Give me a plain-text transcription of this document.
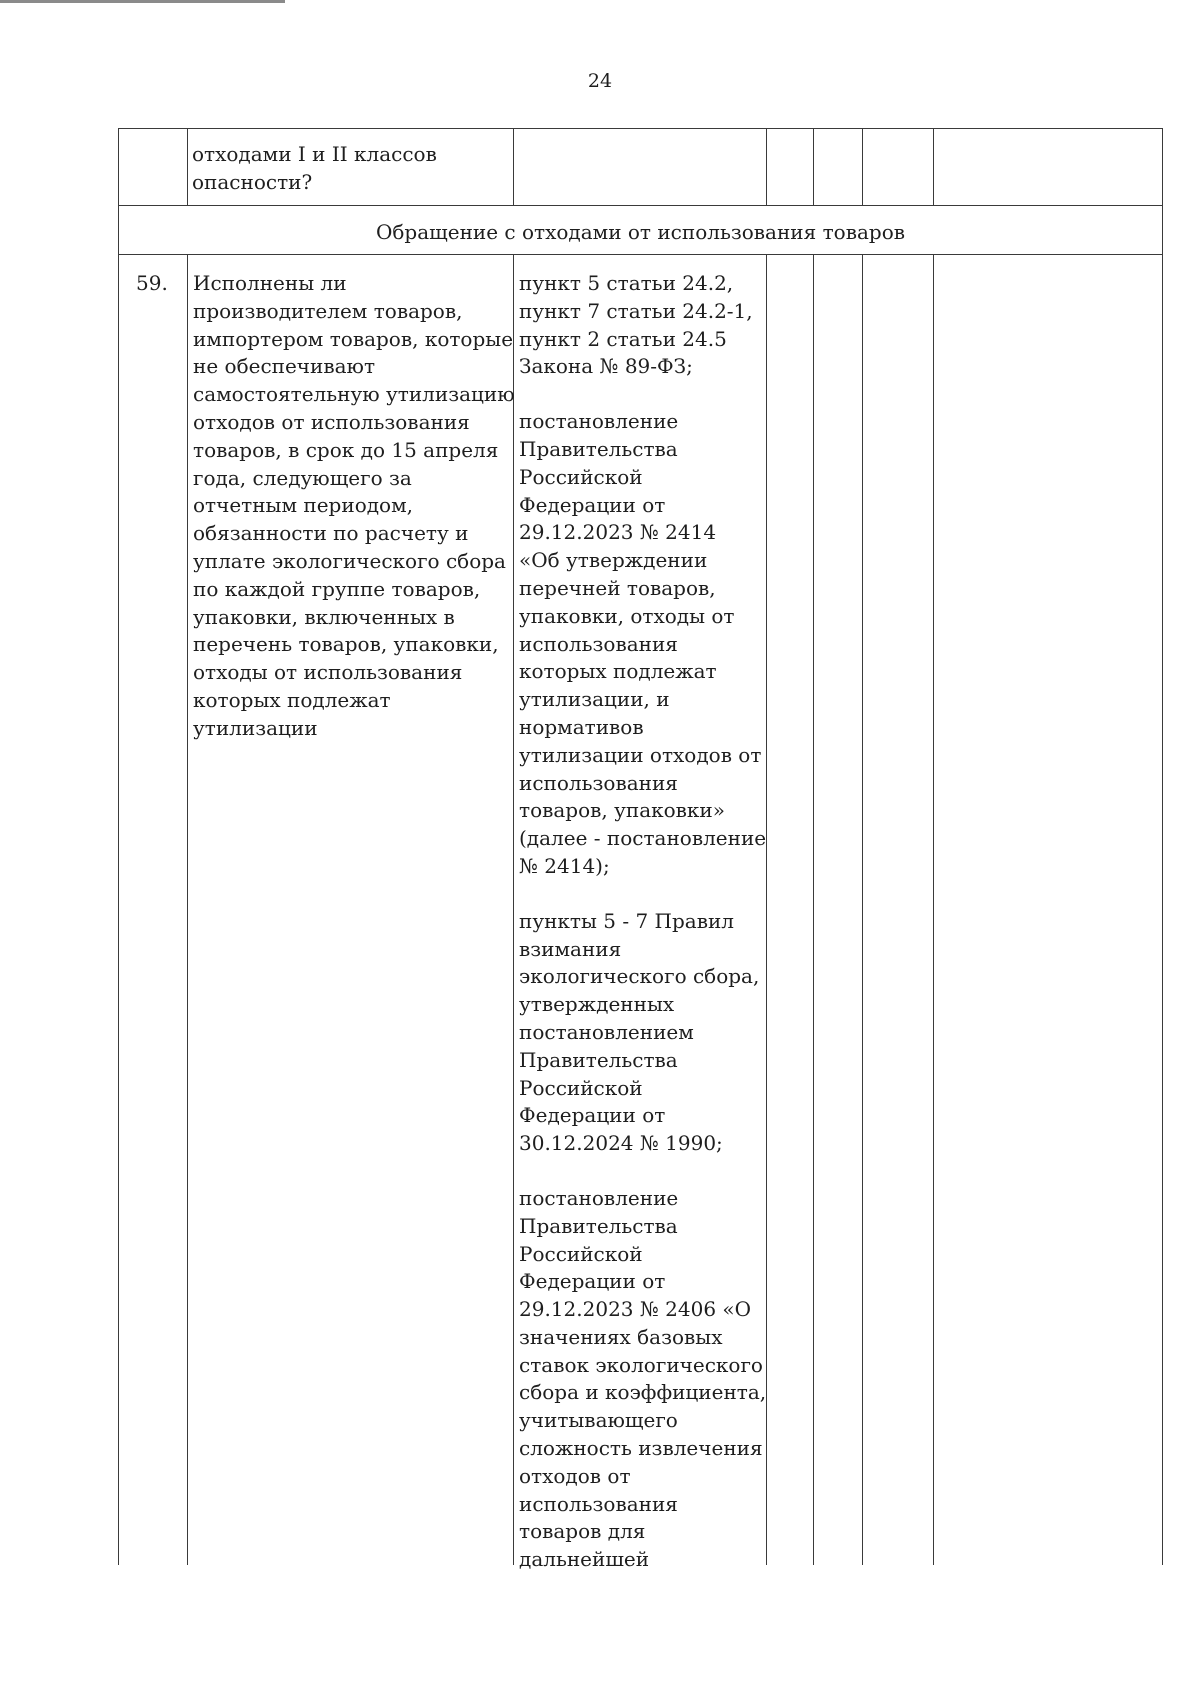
24
отходами I и II классов
опасности?
Обращение с отходами от использования товаров
59. Исполнены ли
производителем товаров,
импортером товаров, которые
не обеспечивают
самостоятельную утилизацию
отходов от использования
товаров, в срок до 15 апреля
года, следующего за
отчетным периодом,
обязанности по расчету и
уплате экологического сбора
по каждой группе товаров,
упаковки, включенных в
перечень товаров, упаковки,
отходы от использования
которых подлежат
утилизации
пункт 5 статьи 24.2,
пункт 7 статьи 24.2-1,
пункт 2 статьи 24.5
Закона № 89-ФЗ;
постановление
Правительства
Российской
Федерации от
29.12.2023 № 2414
«Об утверждении
перечней товаров,
упаковки, отходы от
использования
которых подлежат
утилизации, и
нормативов
утилизации отходов от
использования
товаров, упаковки»
(далее - постановление
№ 2414);
пункты 5 - 7 Правил
взимания
экологического сбора,
утвержденных
постановлением
Правительства
Российской
Федерации от
30.12.2024 № 1990;
постановление
Правительства
Российской
Федерации от
29.12.2023 № 2406 «О
значениях базовых
ставок экологического
сбора и коэффициента,
учитывающего
сложность извлечения
отходов от
использования
товаров для
дальнейшей
